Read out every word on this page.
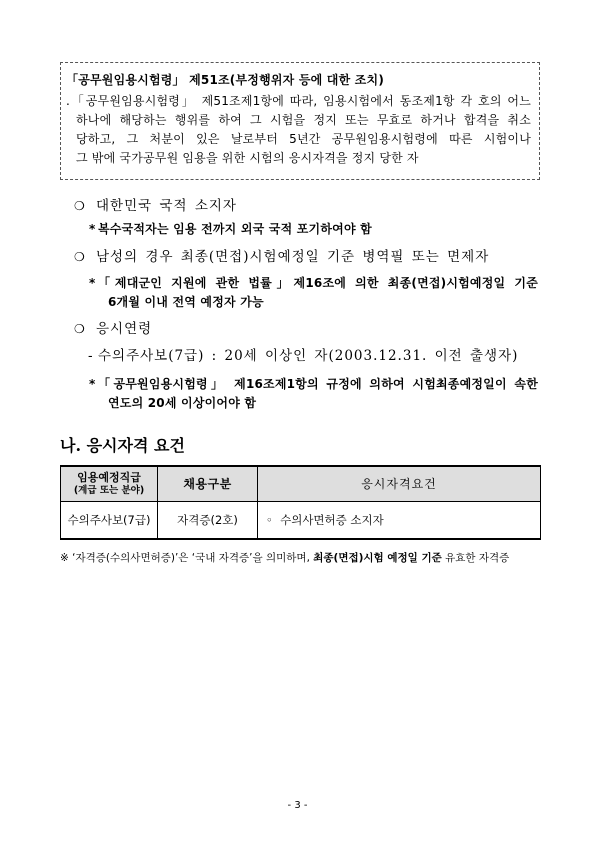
「공무원임용시험령」 제51조(부정행위자 등에 대한 조치)
.「공무원임용시험령」 제51조제1항에 따라, 임용시험에서 동조제1항 각 호의 어느
하나에 해당하는 행위를 하여 그 시험을 정지 또는 무효로 하거나 합격을 취소
당하고, 그 처분이 있은 날로부터 5년간 공무원임용시험령에 따른 시험이나
그 밖에 국가공무원 임용을 위한 시험의 응시자격을 정지 당한 자
❍ 대한민국 국적 소지자
* 복수국적자는 임용 전까지 외국 국적 포기하여야 함
❍ 남성의 경우 최종(면접)시험예정일 기준 병역필 또는 면제자
* 「제대군인 지원에 관한 법률」제16조에 의한 최종(면접)시험예정일 기준
6개월 이내 전역 예정자 가능
❍ 응시연령
- 수의주사보(7급) : 20세 이상인 자(2003.12.31. 이전 출생자)
* 「공무원임용시험령」 제16조제1항의 규정에 의하여 시험최종예정일이 속한
연도의 20세 이상이어야 함
나. 응시자격 요건
임용예정직급
(계급 또는 분야)	채용구분	응시자격요건
수의주사보(7급)	자격증(2호)	◦ 수의사면허증 소지자
※ ‘자격증(수의사면허증)’은 ‘국내 자격증’을 의미하며, 최종(면접)시험 예정일 기준 유효한 자격증
- 3 -
